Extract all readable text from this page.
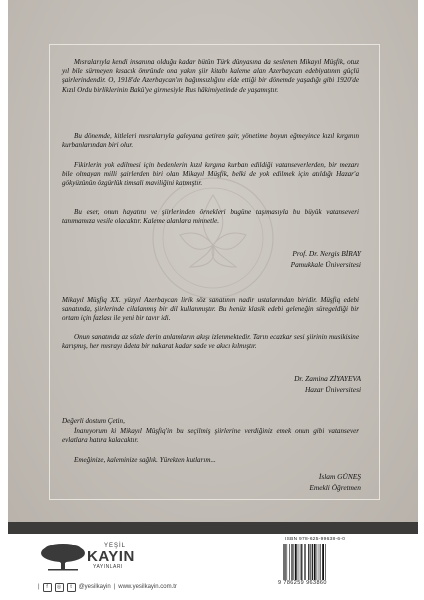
Mısralarıyla kendi insanına olduğu kadar bütün Türk dünyasına da seslenen Mikayıl Müşfik, otuz yıl bile sürmeyen kısacık ömründe ona yakın şiir kitabı kaleme alan Azerbaycan edebiyatının güçlü şairlerindendir. O, 1918'de Azerbaycan'ın bağımsızlığını elde ettiği bir dönemde yaşadığı gibi 1920'de Kızıl Ordu birliklerinin Bakü'ye girmesiyle Rus hâkimiyetinde de yaşamıştır.

Bu dönemde, kitleleri mısralarıyla galeyana getiren şair, yönetime boyun eğmeyince kızıl kırgının kurbanlarından biri olur.

Fikirlerin yok edilmesi için bedenlerin kızıl kırgına kurban edildiği vatanseverlerden, bir mezarı bile olmayan milli şairlerden biri olan Mikayıl Müşfik, belki de yok edilmek için atıldığı Hazar'a gökyüzünün özgürlük timsali maviliğini katmıştır.

Bu eser, onun hayatını ve şiirlerinden örnekleri bugüne taşımasıyla bu büyük vatanseveri tanımamıza vesile olacaktır. Kaleme alanlara minnetle.

Prof. Dr. Nergis BİRAY
Pamukkale Üniversitesi

Mikayıl Müşfiq XX. yüzyıl Azerbaycan lirik söz sanatının nadir ustalarından biridir. Müşfiq edebi sanatında, şiirlerinde cilalanmış bir dil kullanmıştır. Bu henüz klasik edebi geleneğin süregeldiği bir ortam için fazlası ile yeni bir tavır idi.

Onun sanatında az sözle derin anlamların akışı izlenmektedir. Tarın ecazkar sesi şiirinin musikisine karışmış, her mısrayı âdeta bir nakarat kadar sade ve akıcı kılmıştır.

Dr. Zamina ZİYAYEVA
Hazar Üniversitesi

Değerli dostum Çetin,

İnanıyorum ki Mikayıl Müşfiq'in bu seçilmiş şiirlerine verdiğiniz emek onun gibi vatansever evlatlara hatıra kalacaktır.

Emeğinize, kaleminize sağlık. Yürekten kutlarım...

İslam GÜNEŞ
Emekli Öğretmen
YEŞİL
KAYIN
YAYINLARI
|	f	◎	t	@yesilkayin | www.yesilkayin.com.tr
ISBN 978-625-99638-6-0
9 786259 963860
